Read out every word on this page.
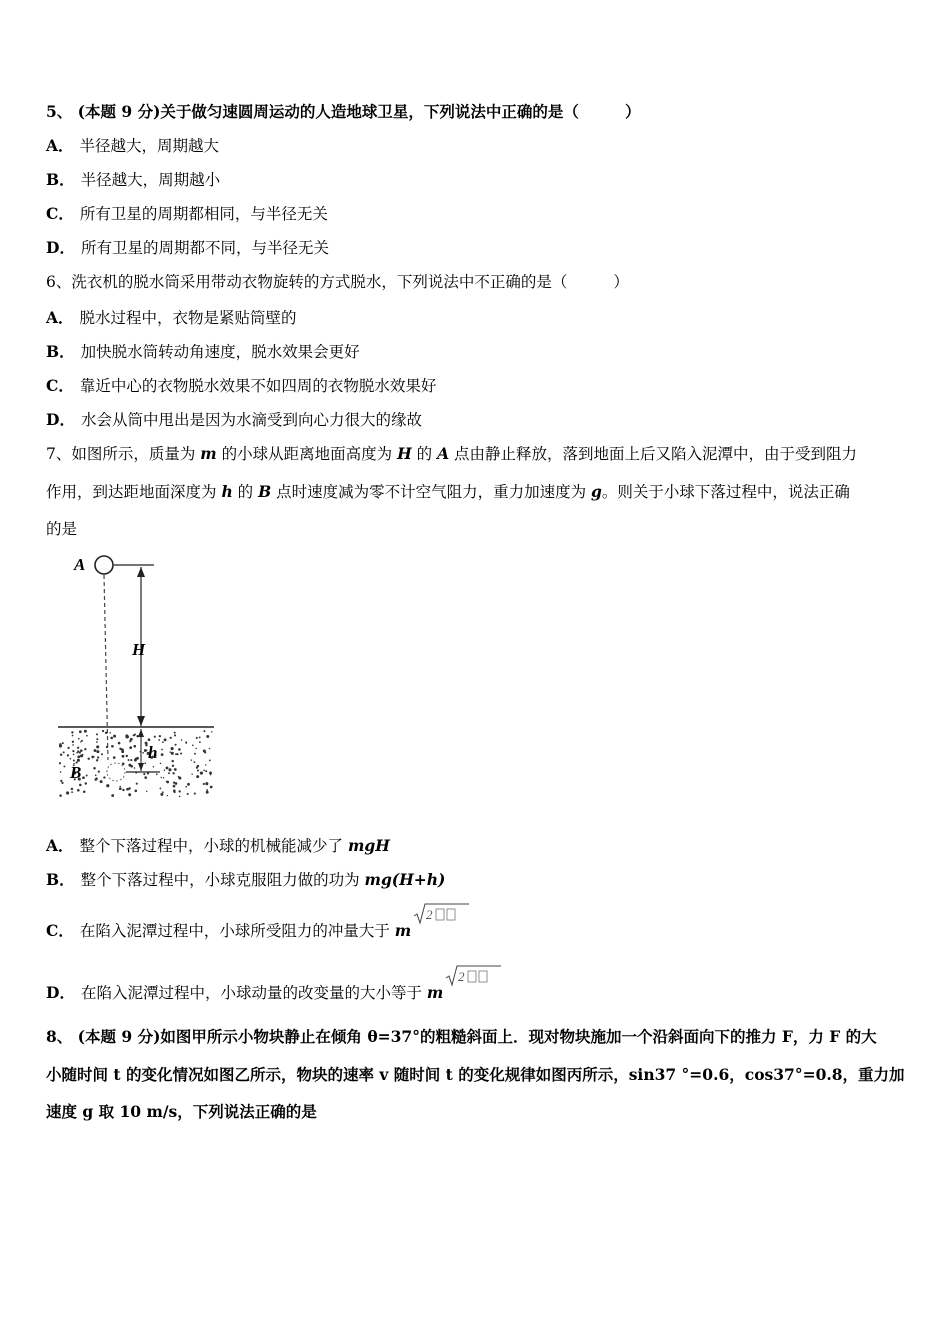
5、 (本题 9 分)关于做匀速圆周运动的人造地球卫星，下列说法中正确的是（	）
A． 半径越大，周期越大
B． 半径越大，周期越小
C． 所有卫星的周期都相同，与半径无关
D． 所有卫星的周期都不同，与半径无关
6、洗衣机的脱水筒采用带动衣物旋转的方式脱水，下列说法中不正确的是（	）
A． 脱水过程中，衣物是紧贴筒壁的
B． 加快脱水筒转动角速度，脱水效果会更好
C． 靠近中心的衣物脱水效果不如四周的衣物脱水效果好
D． 水会从筒中甩出是因为水滴受到向心力很大的缘故
7、如图所示，质量为 m 的小球从距离地面高度为 H 的 A 点由静止释放，落到地面上后又陷入泥潭中，由于受到阻力
作用，到达距地面深度为 h 的 B 点时速度减为零不计空气阻力，重力加速度为 g。则关于小球下落过程中，说法正确
的是
A
H
h
B
A． 整个下落过程中，小球的机械能减少了 mgH
B． 整个下落过程中，小球克服阻力做的功为 mg(H+h)
C． 在陷入泥潭过程中，小球所受阻力的冲量大于 m
2
D． 在陷入泥潭过程中，小球动量的改变量的大小等于 m
2
8、 (本题 9 分)如图甲所示小物块静止在倾角 θ=37°的粗糙斜面上．现对物块施加一个沿斜面向下的推力 F，力 F 的大
小随时间 t 的变化情况如图乙所示，物块的速率 v 随时间 t 的变化规律如图丙所示，sin37 °=0.6，cos37°=0.8，重力加
速度 g 取 10 m/s，下列说法正确的是
